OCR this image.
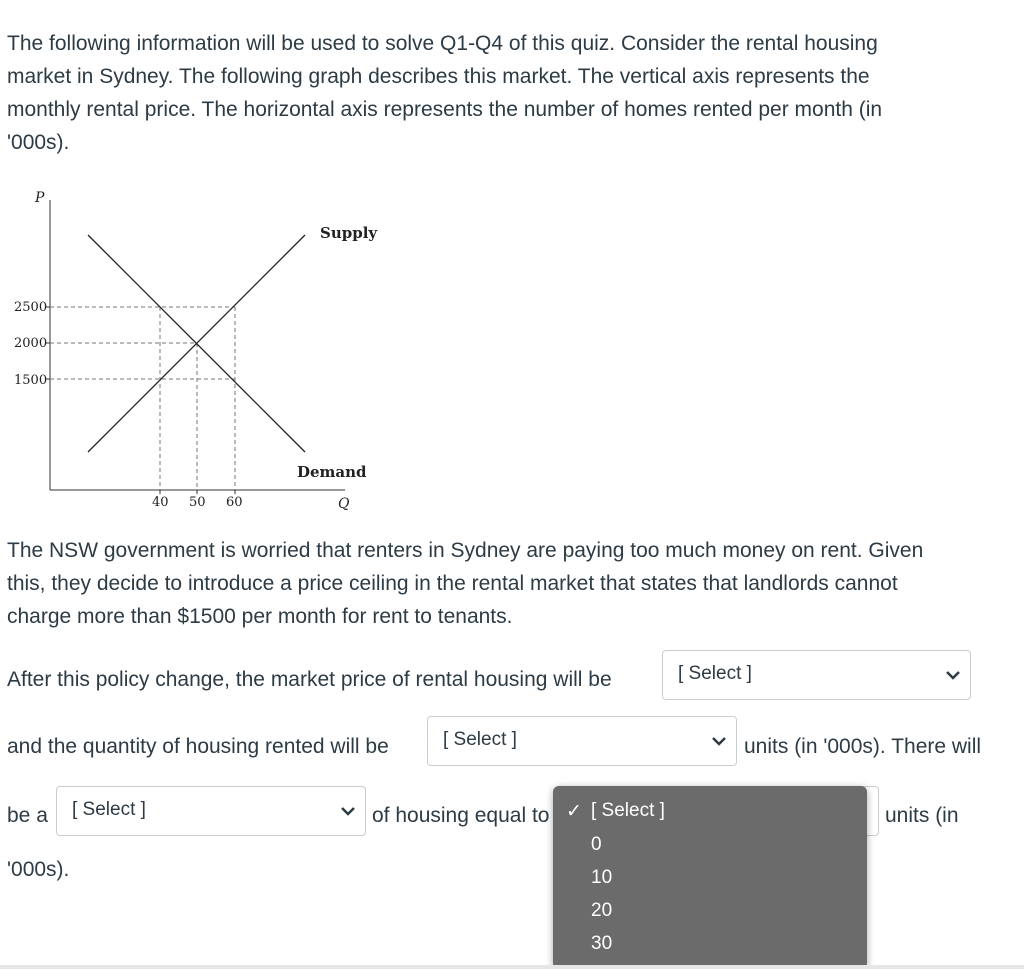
The following information will be used to solve Q1-Q4 of this quiz. Consider the rental housing
market in Sydney. The following graph describes this market. The vertical axis represents the
monthly rental price. The horizontal axis represents the number of homes rented per month (in
'000s).
P
Q
2500
2000
1500
40 50 60
Supply
Demand
The NSW government is worried that renters in Sydney are paying too much money on rent. Given
this, they decide to introduce a price ceiling in the rental market that states that landlords cannot
charge more than $1500 per month for rent to tenants.
After this policy change, the market price of rental housing will be	[ Select ]
and the quantity of housing rented will be	[ Select ]	units (in '000s). There will
be a [ Select ]	of housing equal to	units (in
'000s).
✓ [ Select ]
0
10
20
30
